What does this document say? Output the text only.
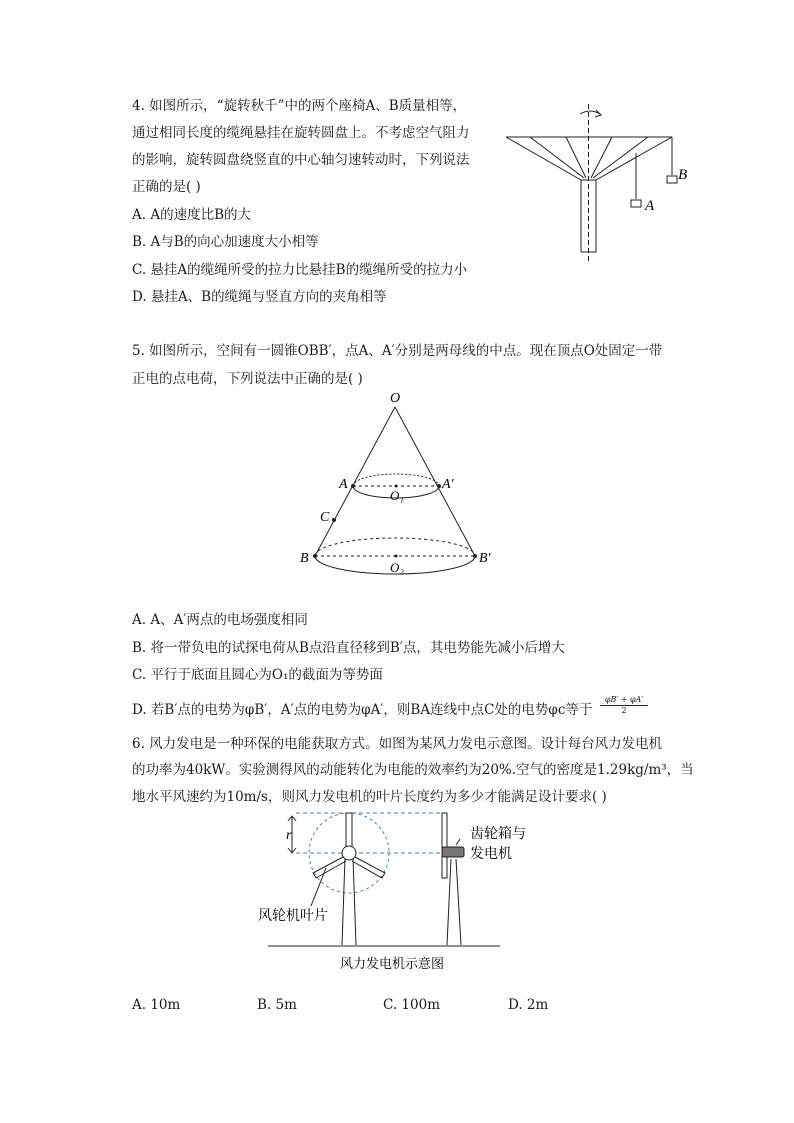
4. 如图所示，“旋转秋千”中的两个座椅A、B质量相等，
通过相同长度的缆绳悬挂在旋转圆盘上。不考虑空气阻力
的影响，旋转圆盘绕竖直的中心轴匀速转动时，下列说法
正确的是( )
A. A的速度比B的大
B. A与B的向心加速度大小相等
C. 悬挂A的缆绳所受的拉力比悬挂B的缆绳所受的拉力小
D. 悬挂A、B的缆绳与竖直方向的夹角相等
A
B
5. 如图所示，空间有一圆锥OBB′，点A、A′分别是两母线的中点。现在顶点O处固定一带
正电的点电荷，下列说法中正确的是( )
O
A	A′
O₁
C
B	B′
O₂
A. A、A′两点的电场强度相同
B. 将一带负电的试探电荷从B点沿直径移到B′点，其电势能先减小后增大
C. 平行于底面且圆心为O₁的截面为等势面
D. 若B′点的电势为φB′，A′点的电势为φA′，则BA连线中点C处的电势φc等于
φB′ + φA′
2
6. 风力发电是一种环保的电能获取方式。如图为某风力发电示意图。设计每台风力发电机
的功率为40kW。实验测得风的动能转化为电能的效率约为20%.空气的密度是1.29kg/m³，当
地水平风速约为10m/s，则风力发电机的叶片长度约为多少才能满足设计要求( )
r	齿轮箱与
发电机
风轮机叶片
风力发电机示意图
A. 10m	B. 5m	C. 100m	D. 2m
